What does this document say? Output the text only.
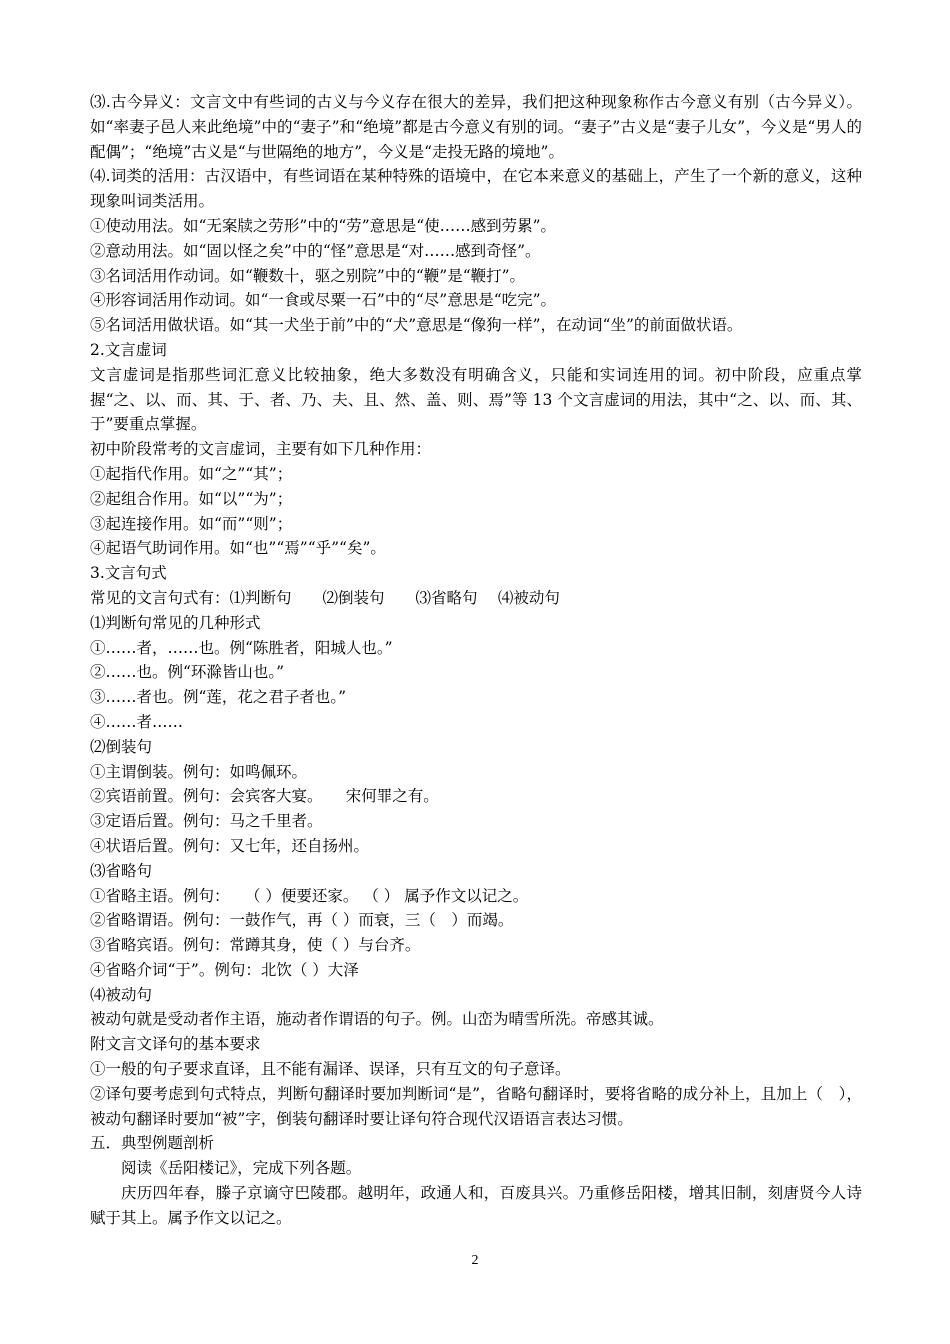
⑶.古今异义：文言文中有些词的古义与今义存在很大的差异，我们把这种现象称作古今意义有别（古今异义）。如“率妻子邑人来此绝境”中的“妻子”和“绝境”都是古今意义有别的词。“妻子”古义是“妻子儿女”，今义是“男人的配偶”；“绝境”古义是“与世隔绝的地方”，今义是“走投无路的境地”。
⑷.词类的活用：古汉语中，有些词语在某种特殊的语境中，在它本来意义的基础上，产生了一个新的意义，这种现象叫词类活用。
①使动用法。如“无案牍之劳形”中的“劳”意思是“使……感到劳累”。
②意动用法。如“固以怪之矣”中的“怪”意思是“对……感到奇怪”。
③名词活用作动词。如“鞭数十，驱之别院”中的“鞭”是“鞭打”。
④形容词活用作动词。如“一食或尽粟一石”中的“尽”意思是“吃完”。
⑤名词活用做状语。如“其一犬坐于前”中的“犬”意思是“像狗一样”，在动词“坐”的前面做状语。
2.文言虚词
文言虚词是指那些词汇意义比较抽象，绝大多数没有明确含义，只能和实词连用的词。初中阶段，应重点掌握“之、以、而、其、于、者、乃、夫、且、然、盖、则、焉”等 13 个文言虚词的用法，其中“之、以、而、其、于”要重点掌握。
初中阶段常考的文言虚词，主要有如下几种作用：
①起指代作用。如“之”“其”；
②起组合作用。如“以”“为”；
③起连接作用。如“而”“则”；
④起语气助词作用。如“也”“焉”“乎”“矣”。
3.文言句式
常见的文言句式有：⑴判断句　　⑵倒装句　　⑶省略句　 ⑷被动句
⑴判断句常见的几种形式
①……者，……也。例“陈胜者，阳城人也。”
②……也。例“环滁皆山也。”
③……者也。例“莲，花之君子者也。”
④……者……
⑵倒装句
①主谓倒装。例句：如鸣佩环。
②宾语前置。例句：会宾客大宴。　　宋何罪之有。
③定语后置。例句：马之千里者。
④状语后置。例句：又七年，还自扬州。
⑶省略句
①省略主语。例句：　　（ ）便要还家。 （ ） 属予作文以记之。
②省略谓语。例句：一鼓作气，再（ ）而衰，三（　）而竭。
③省略宾语。例句：常蹲其身，使（ ）与台齐。
④省略介词“于”。例句：北饮（ ）大泽
⑷被动句
被动句就是受动者作主语，施动者作谓语的句子。例。山峦为晴雪所洗。帝感其诚。
附文言文译句的基本要求
①一般的句子要求直译，且不能有漏译、误译，只有互文的句子意译。
②译句要考虑到句式特点，判断句翻译时要加判断词“是”，省略句翻译时，要将省略的成分补上，且加上（　），被动句翻译时要加“被”字，倒装句翻译时要让译句符合现代汉语语言表达习惯。
五．典型例题剖析
阅读《岳阳楼记》，完成下列各题。
庆历四年春，滕子京谪守巴陵郡。越明年，政通人和，百废具兴。乃重修岳阳楼，增其旧制，刻唐贤今人诗赋于其上。属予作文以记之。
2
